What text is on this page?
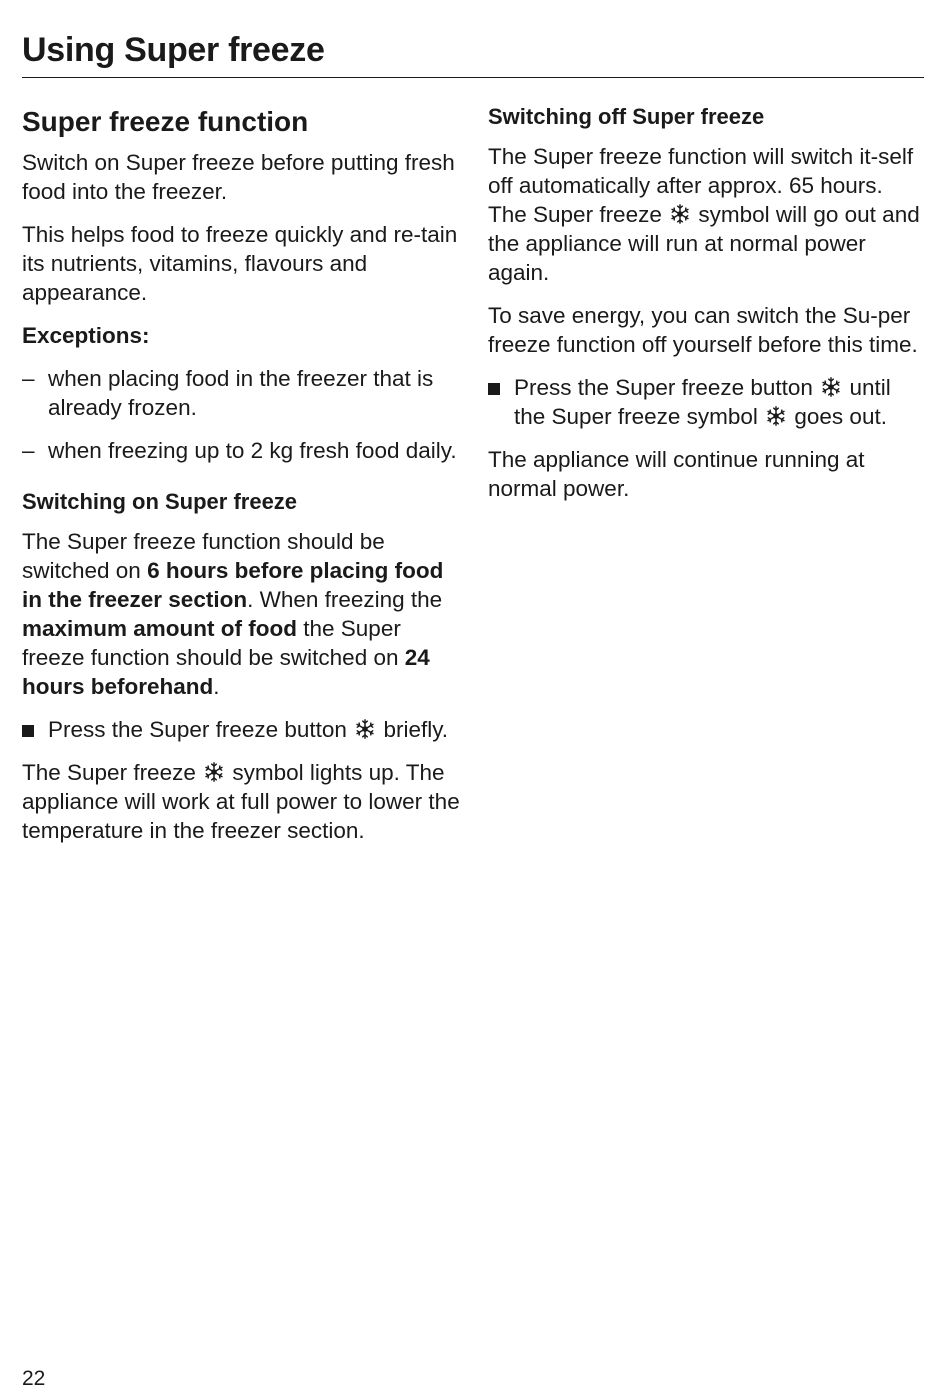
Using Super freeze
Super freeze function

Switch on Super freeze before putting fresh food into the freezer.

This helps food to freeze quickly and re-tain its nutrients, vitamins, flavours and appearance.

Exceptions:

– when placing food in the freezer that is already frozen.
– when freezing up to 2 kg fresh food daily.
Switching on Super freeze

The Super freeze function should be switched on 6 hours before placing food in the freezer section. When freezing the maximum amount of food the Super freeze function should be switched on 24 hours beforehand.

Press the Super freeze button
briefly.

The Super freeze
symbol lights up. The appliance will work at full power to lower the temperature in the freezer section.

Switching off Super freeze

The Super freeze function will switch it-self off automatically after approx. 65 hours. The Super freeze
symbol will go out and the appliance will run at normal power again.

To save energy, you can switch the Su-per freeze function off yourself before this time.

Press the Super freeze button
until the Super freeze symbol
goes out.

The appliance will continue running at normal power.

22
